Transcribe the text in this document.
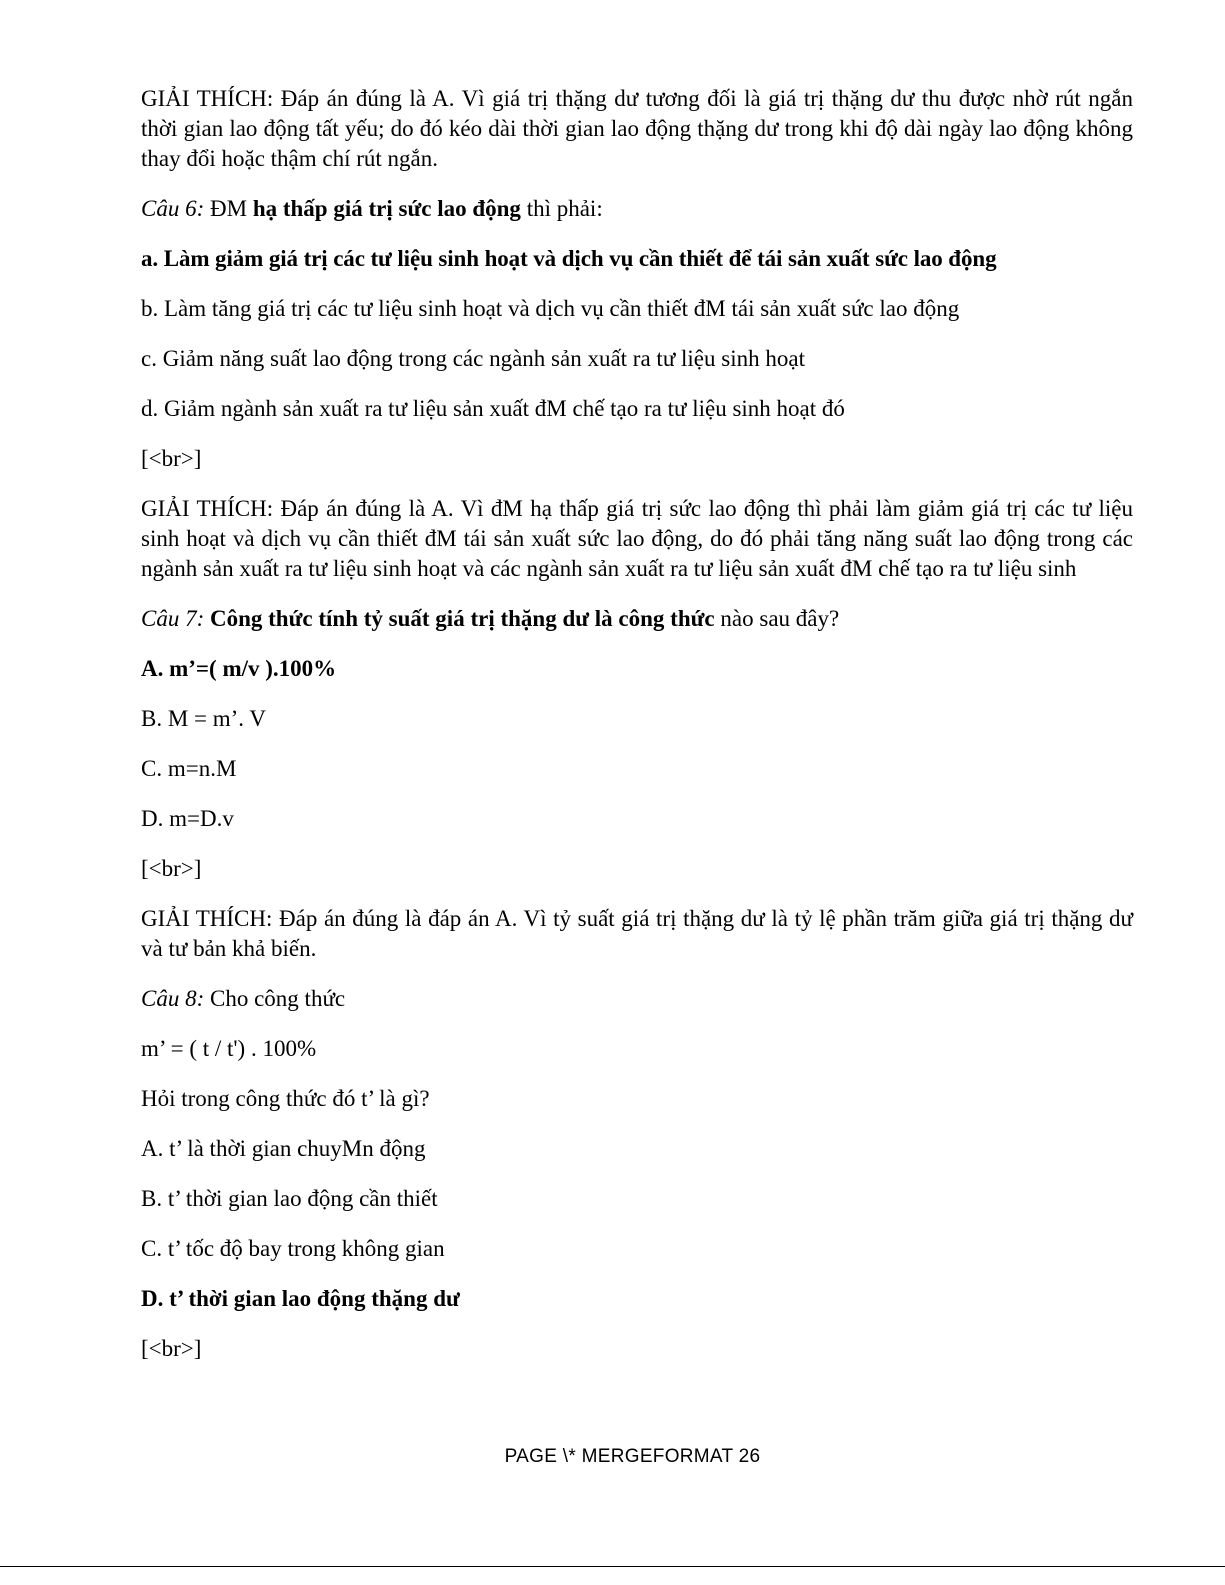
GIẢI THÍCH: Đáp án đúng là A. Vì giá trị thặng dư tương đối là giá trị thặng dư thu được nhờ rút ngắn thời gian lao động tất yếu; do đó kéo dài thời gian lao động thặng dư trong khi độ dài ngày lao động không thay đổi hoặc thậm chí rút ngắn.

Câu 6: ĐM hạ thấp giá trị sức lao động thì phải:

a. Làm giảm giá trị các tư liệu sinh hoạt và dịch vụ cần thiết để tái sản xuất sức lao động

b. Làm tăng giá trị các tư liệu sinh hoạt và dịch vụ cần thiết đM tái sản xuất sức lao động

c. Giảm năng suất lao động trong các ngành sản xuất ra tư liệu sinh hoạt

d. Giảm ngành sản xuất ra tư liệu sản xuất đM chế tạo ra tư liệu sinh hoạt đó

[<br>]

GIẢI THÍCH: Đáp án đúng là A. Vì đM hạ thấp giá trị sức lao động thì phải làm giảm giá trị các tư liệu sinh hoạt và dịch vụ cần thiết đM tái sản xuất sức lao động, do đó phải tăng năng suất lao động trong các ngành sản xuất ra tư liệu sinh hoạt và các ngành sản xuất ra tư liệu sản xuất đM chế tạo ra tư liệu sinh

Câu 7: Công thức tính tỷ suất giá trị thặng dư là công thức nào sau đây?

A. m’=( m/v ).100%

B. M = m’. V

C. m=n.M

D. m=D.v

[<br>]

GIẢI THÍCH: Đáp án đúng là đáp án A. Vì tỷ suất giá trị thặng dư là tỷ lệ phần trăm giữa giá trị thặng dư và tư bản khả biến.

Câu 8: Cho công thức

m’ = ( t / t') . 100%

Hỏi trong công thức đó t’ là gì?

A. t’ là thời gian chuyMn động

B. t’ thời gian lao động cần thiết

C. t’ tốc độ bay trong không gian

D. t’ thời gian lao động thặng dư

[<br>]

PAGE \* MERGEFORMAT 26
